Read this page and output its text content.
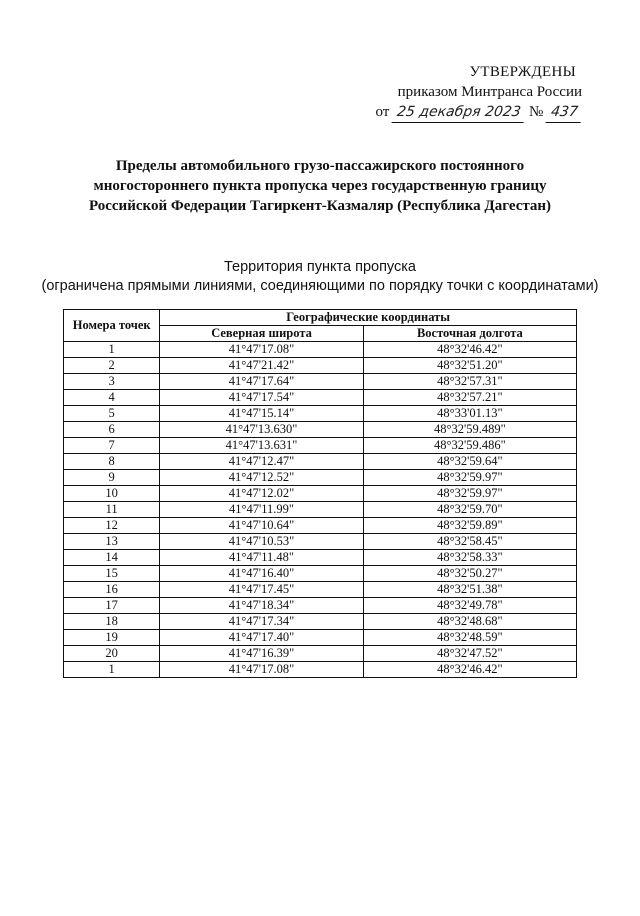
УТВЕРЖДЕНЫ
приказом Минтранса России
от 25 декабря 2023 № 437
Пределы автомобильного грузо-пассажирского постоянного
многостороннего пункта пропуска через государственную границу
Российской Федерации Тагиркент-Казмаляр (Республика Дагестан)
Территория пункта пропуска
(ограничена прямыми линиями, соединяющими по порядку точки с координатами)
Номера точек	Географические координаты	
	Северная широта	Восточная долгота
1	41°47'17.08"	48°32'46.42"
2	41°47'21.42"	48°32'51.20"
3	41°47'17.64"	48°32'57.31"
4	41°47'17.54"	48°32'57.21"
5	41°47'15.14"	48°33'01.13"
6	41°47'13.630"	48°32'59.489"
7	41°47'13.631"	48°32'59.486"
8	41°47'12.47"	48°32'59.64"
9	41°47'12.52"	48°32'59.97"
10	41°47'12.02"	48°32'59.97"
11	41°47'11.99"	48°32'59.70"
12	41°47'10.64"	48°32'59.89"
13	41°47'10.53"	48°32'58.45"
14	41°47'11.48"	48°32'58.33"
15	41°47'16.40"	48°32'50.27"
16	41°47'17.45"	48°32'51.38"
17	41°47'18.34"	48°32'49.78"
18	41°47'17.34"	48°32'48.68"
19	41°47'17.40"	48°32'48.59"
20	41°47'16.39"	48°32'47.52"
1	41°47'17.08"	48°32'46.42"
